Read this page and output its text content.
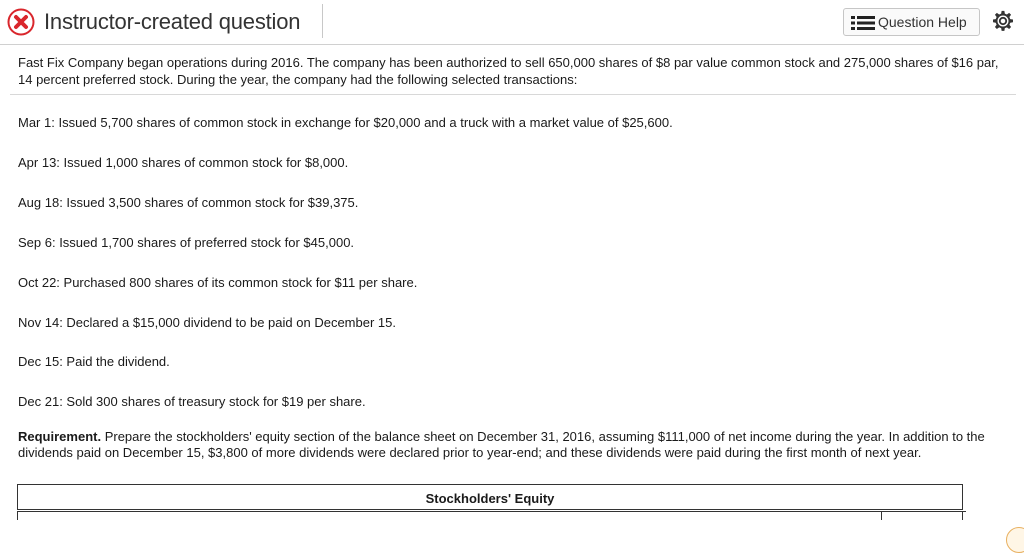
Instructor-created question	Question Help
Fast Fix Company began operations during 2016. The company has been authorized to sell 650,000 shares of $8 par value common stock and 275,000 shares of $16 par, 14 percent preferred stock. During the year, the company had the following selected transactions:
Mar 1: Issued 5,700 shares of common stock in exchange for $20,000 and a truck with a market value of $25,600.
Apr 13: Issued 1,000 shares of common stock for $8,000.
Aug 18: Issued 3,500 shares of common stock for $39,375.
Sep 6: Issued 1,700 shares of preferred stock for $45,000.
Oct 22: Purchased 800 shares of its common stock for $11 per share.
Nov 14: Declared a $15,000 dividend to be paid on December 15.
Dec 15: Paid the dividend.
Dec 21: Sold 300 shares of treasury stock for $19 per share.
Requirement. Prepare the stockholders' equity section of the balance sheet on December 31, 2016, assuming $111,000 of net income during the year. In addition to the dividends paid on December 15, $3,800 of more dividends were declared prior to year-end; and these dividends were paid during the first month of next year.
Stockholders' Equity
